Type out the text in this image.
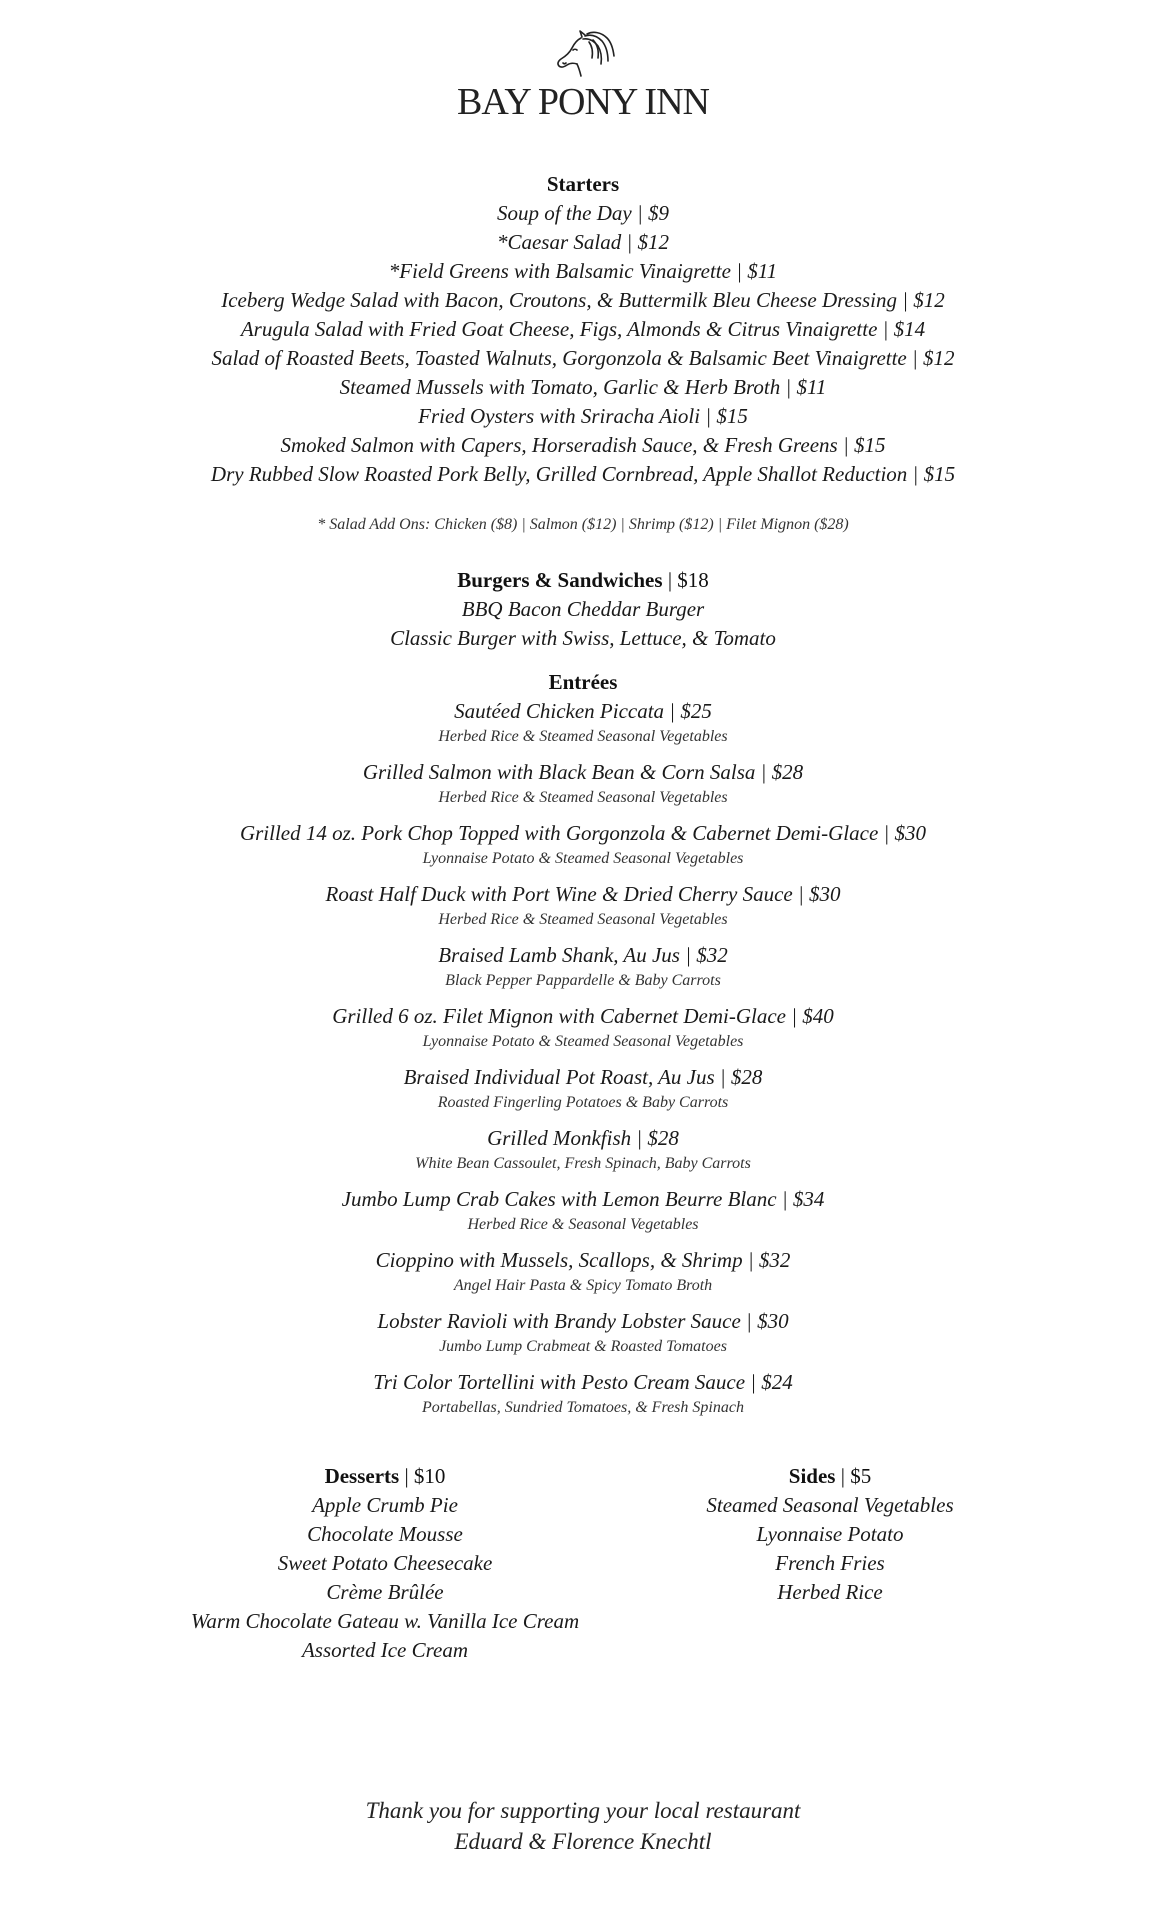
BAY PONY INN
Starters
Soup of the Day | $9
*Caesar Salad | $12
*Field Greens with Balsamic Vinaigrette | $11
Iceberg Wedge Salad with Bacon, Croutons, & Buttermilk Bleu Cheese Dressing | $12
Arugula Salad with Fried Goat Cheese, Figs, Almonds & Citrus Vinaigrette | $14
Salad of Roasted Beets, Toasted Walnuts, Gorgonzola & Balsamic Beet Vinaigrette | $12
Steamed Mussels with Tomato, Garlic & Herb Broth | $11
Fried Oysters with Sriracha Aioli | $15
Smoked Salmon with Capers, Horseradish Sauce, & Fresh Greens | $15
Dry Rubbed Slow Roasted Pork Belly, Grilled Cornbread, Apple Shallot Reduction | $15
* Salad Add Ons: Chicken ($8) | Salmon ($12) | Shrimp ($12) | Filet Mignon ($28)
Burgers & Sandwiches | $18
BBQ Bacon Cheddar Burger
Classic Burger with Swiss, Lettuce, & Tomato
Entrées
Sautéed Chicken Piccata | $25
Herbed Rice & Steamed Seasonal Vegetables
Grilled Salmon with Black Bean & Corn Salsa | $28
Herbed Rice & Steamed Seasonal Vegetables
Grilled 14 oz. Pork Chop Topped with Gorgonzola & Cabernet Demi-Glace | $30
Lyonnaise Potato & Steamed Seasonal Vegetables
Roast Half Duck with Port Wine & Dried Cherry Sauce | $30
Herbed Rice & Steamed Seasonal Vegetables
Braised Lamb Shank, Au Jus | $32
Black Pepper Pappardelle & Baby Carrots
Grilled 6 oz. Filet Mignon with Cabernet Demi-Glace | $40
Lyonnaise Potato & Steamed Seasonal Vegetables
Braised Individual Pot Roast, Au Jus | $28
Roasted Fingerling Potatoes & Baby Carrots
Grilled Monkfish | $28
White Bean Cassoulet, Fresh Spinach, Baby Carrots
Jumbo Lump Crab Cakes with Lemon Beurre Blanc | $34
Herbed Rice & Seasonal Vegetables
Cioppino with Mussels, Scallops, & Shrimp | $32
Angel Hair Pasta & Spicy Tomato Broth
Lobster Ravioli with Brandy Lobster Sauce | $30
Jumbo Lump Crabmeat & Roasted Tomatoes
Tri Color Tortellini with Pesto Cream Sauce | $24
Portabellas, Sundried Tomatoes, & Fresh Spinach
Desserts | $10
Apple Crumb Pie
Chocolate Mousse
Sweet Potato Cheesecake
Crème Brûlée
Warm Chocolate Gateau w. Vanilla Ice Cream
Assorted Ice Cream
Sides | $5
Steamed Seasonal Vegetables
Lyonnaise Potato
French Fries
Herbed Rice
Thank you for supporting your local restaurant
Eduard & Florence Knechtl
